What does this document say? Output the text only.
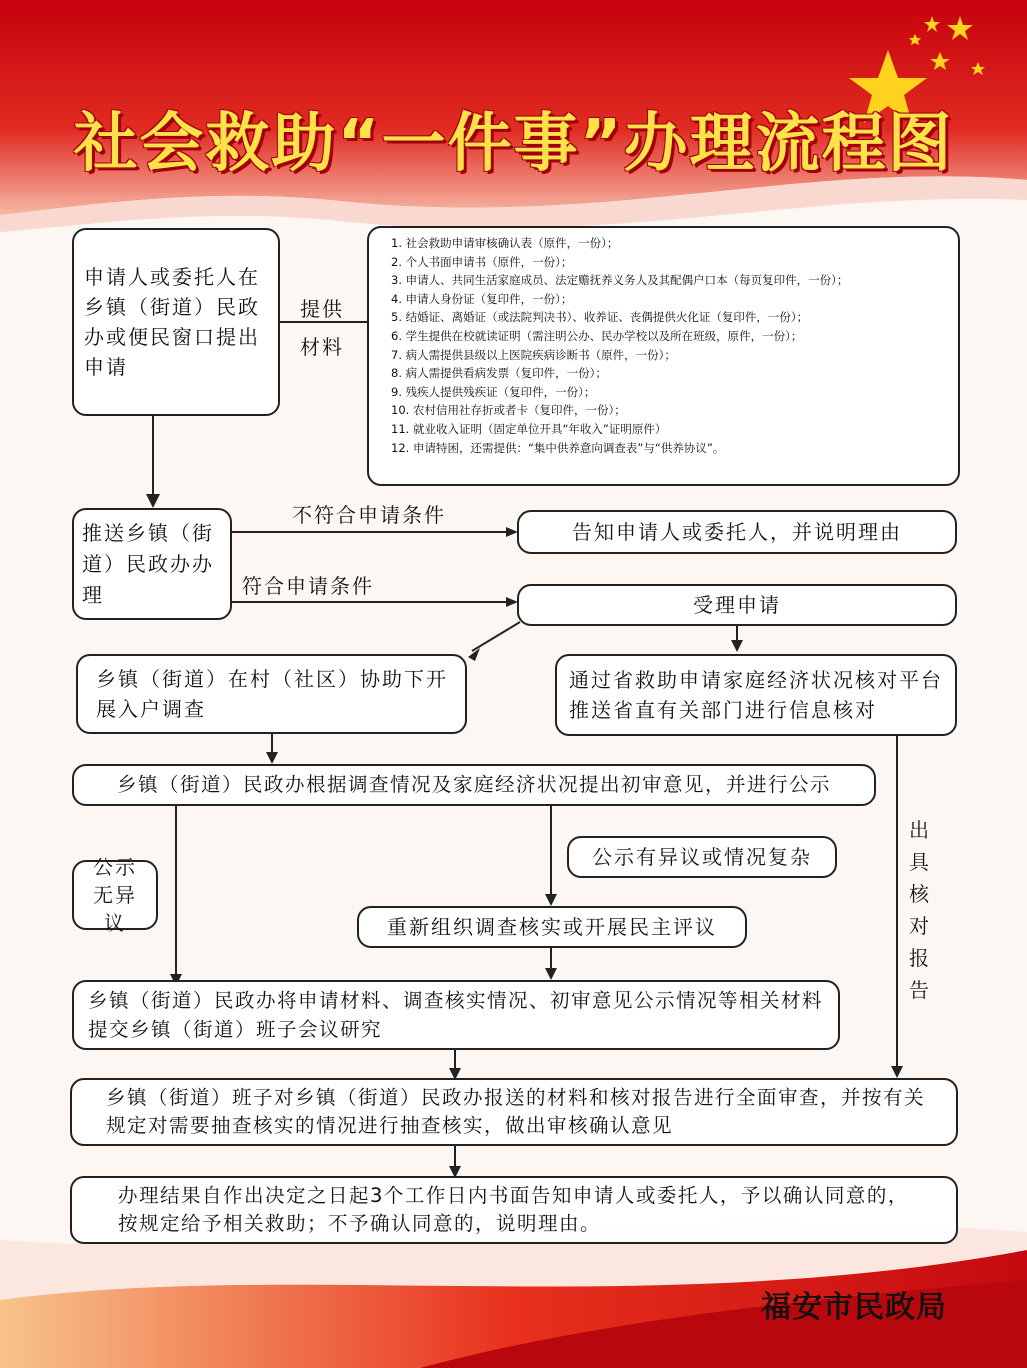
社会救助“一件事”办理流程图
申请人或委托人在乡镇（街道）民政办或便民窗口提出申请
提供材料
1. 社会救助申请审核确认表（原件，一份）；
2. 个人书面申请书（原件，一份）；
3. 申请人、共同生活家庭成员、法定赡抚养义务人及其配偶户口本（每页复印件，一份）；
4. 申请人身份证（复印件，一份）；
5. 结婚证、离婚证（或法院判决书）、收养证、丧偶提供火化证（复印件，一份）；
6. 学生提供在校就读证明（需注明公办、民办学校以及所在班级，原件，一份）；
7. 病人需提供县级以上医院疾病诊断书（原件，一份）；
8. 病人需提供看病发票（复印件，一份）；
9. 残疾人提供残疾证（复印件，一份）；
10. 农村信用社存折或者卡（复印件，一份）；
11. 就业收入证明（固定单位开具“年收入”证明原件）
12. 申请特困，还需提供：“集中供养意向调查表”与“供养协议”。
推送乡镇（街道）民政办办理
不符合申请条件
符合申请条件
告知申请人或委托人，并说明理由
受理申请
乡镇（街道）在村（社区）协助下开展入户调查
通过省救助申请家庭经济状况核对平台推送省直有关部门进行信息核对
乡镇（街道）民政办根据调查情况及家庭经济状况提出初审意见，并进行公示
公示有异议或情况复杂
公示无异议	重新组织调查核实或开展民主评议
出具核对报告
乡镇（街道）民政办将申请材料、调查核实情况、初审意见公示情况等相关材料提交乡镇（街道）班子会议研究
乡镇（街道）班子对乡镇（街道）民政办报送的材料和核对报告进行全面审查，并按有关规定对需要抽查核实的情况进行抽查核实，做出审核确认意见
办理结果自作出决定之日起3个工作日内书面告知申请人或委托人，予以确认同意的，按规定给予相关救助；不予确认同意的，说明理由。
福安市民政局
